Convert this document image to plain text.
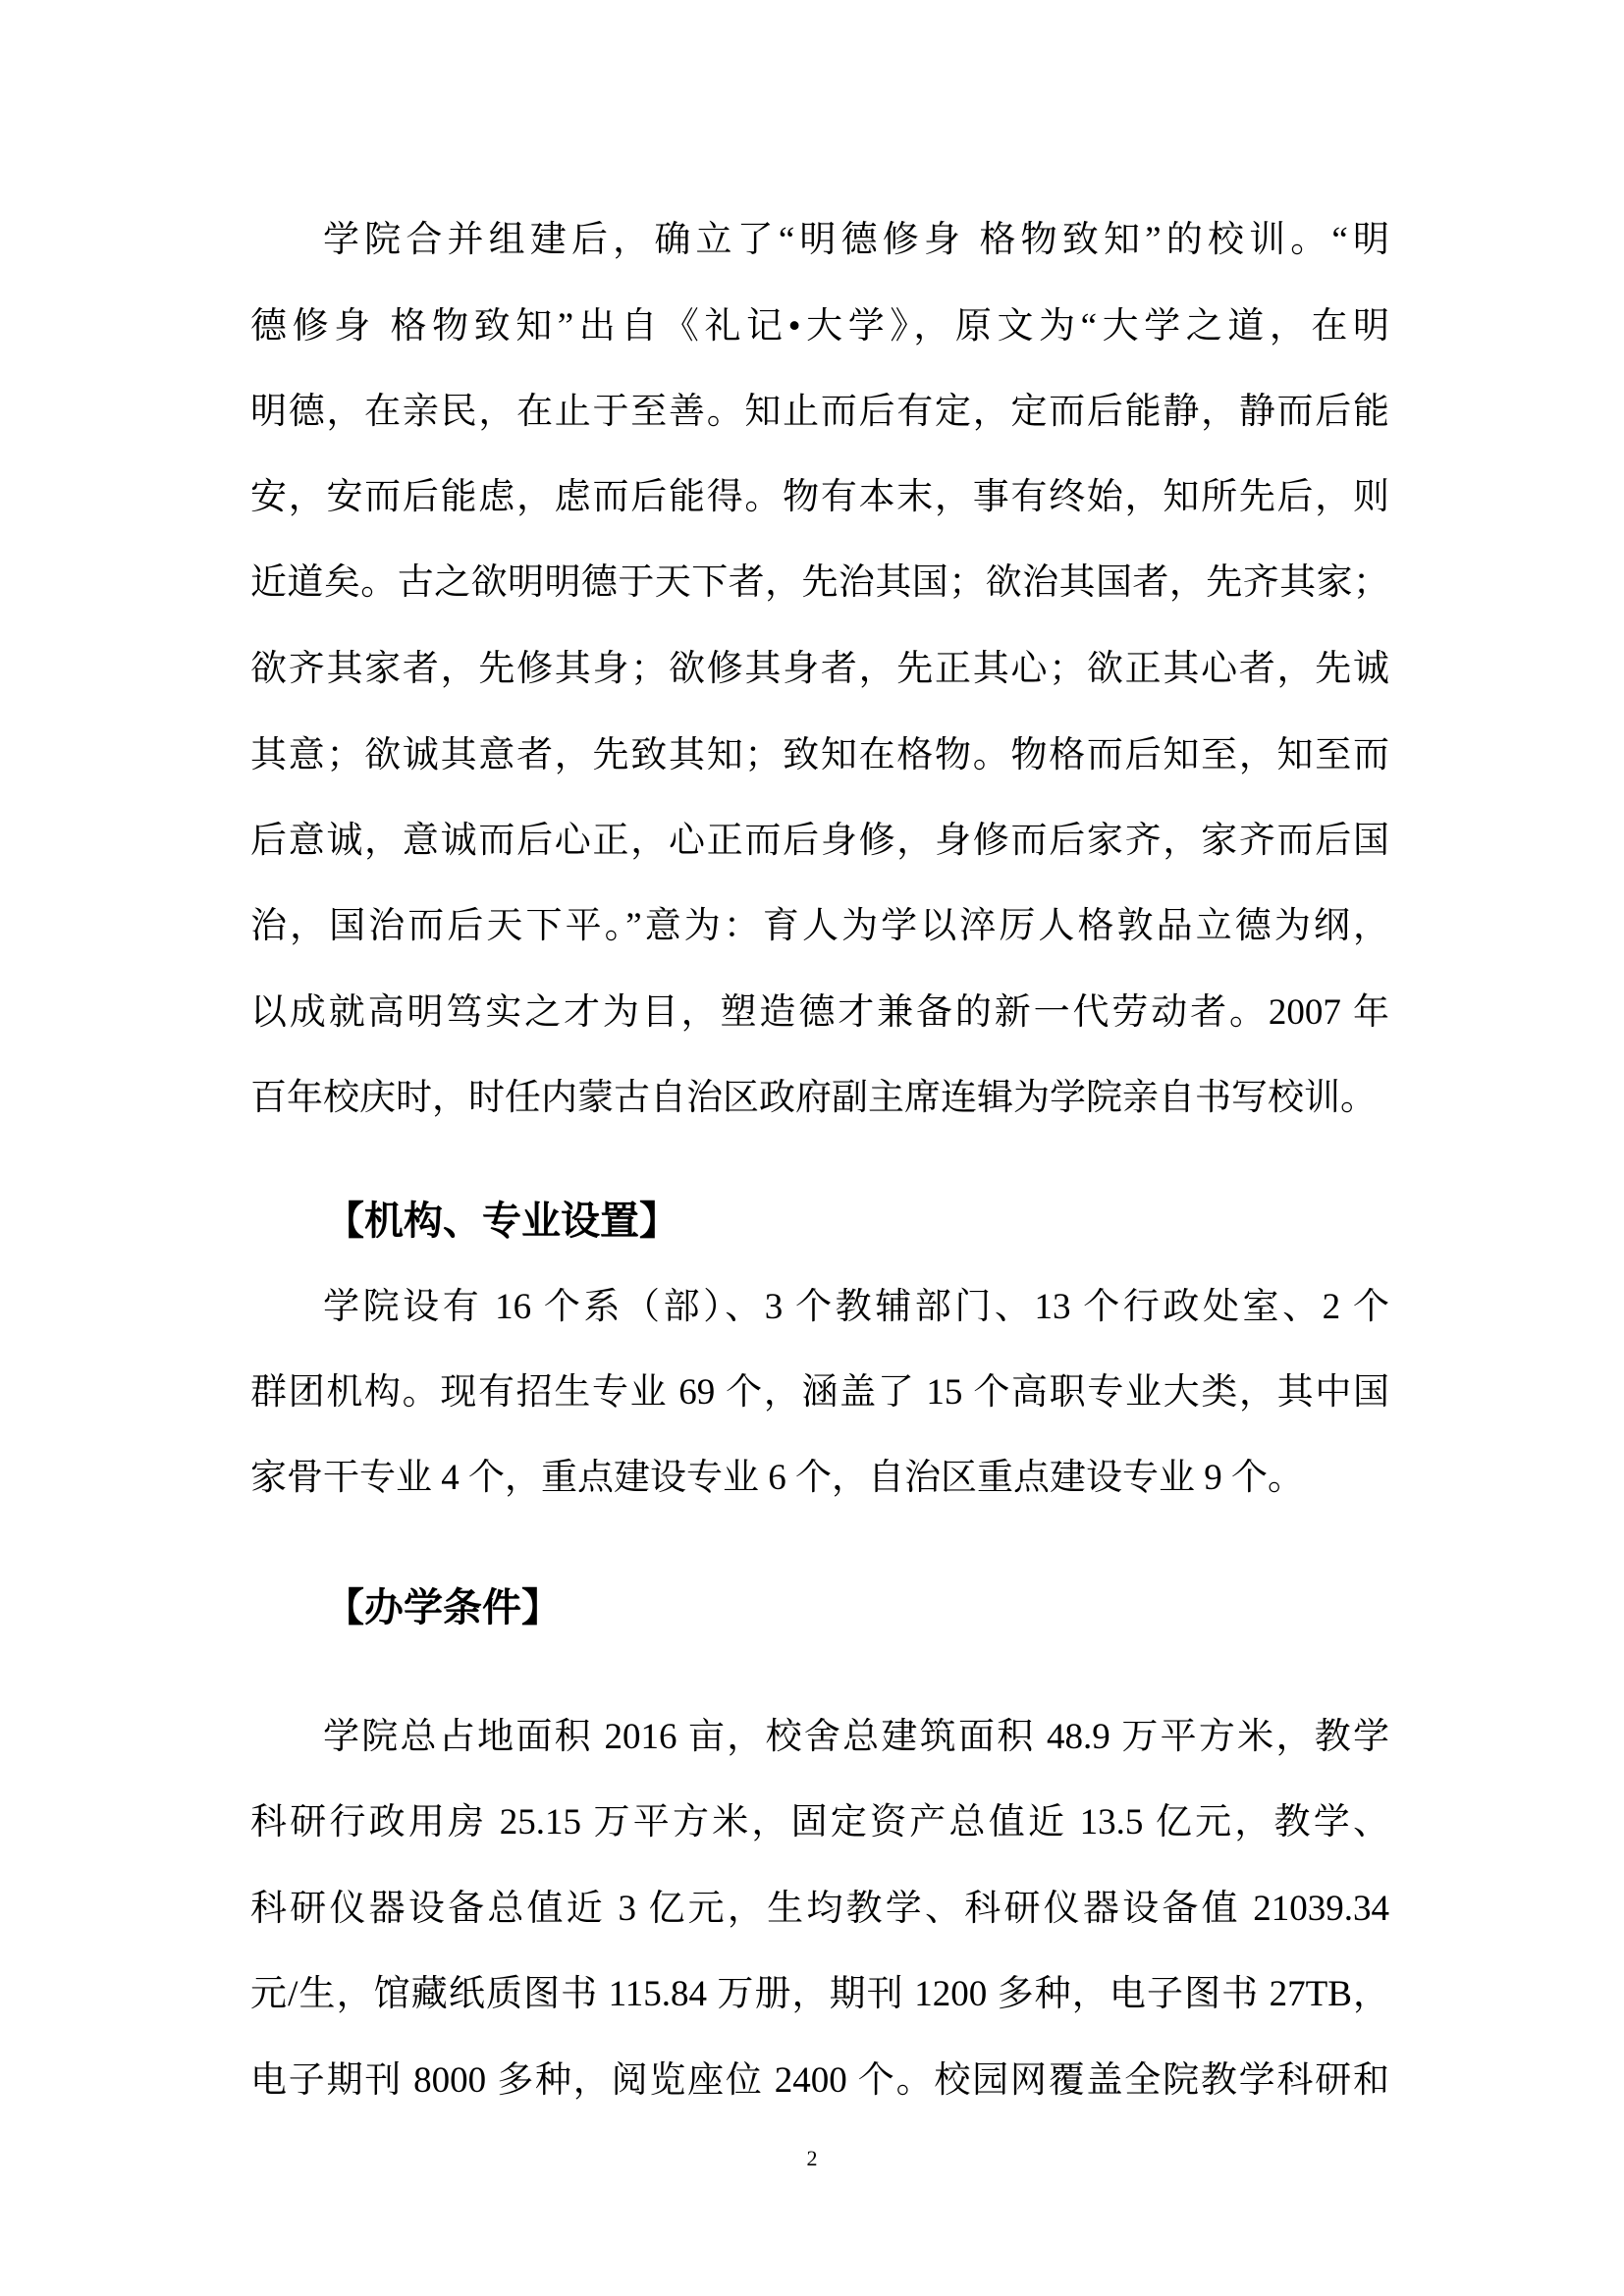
学院合并组建后，确立了“明德修身 格物致知”的校训。“明
德修身 格物致知”出自《礼记•大学》，原文为“大学之道，在明
明德，在亲民，在止于至善。知止而后有定，定而后能静，静而后能
安，安而后能虑，虑而后能得。物有本末，事有终始，知所先后，则
近道矣。古之欲明明德于天下者，先治其国；欲治其国者，先齐其家；
欲齐其家者，先修其身；欲修其身者，先正其心；欲正其心者，先诚
其意；欲诚其意者，先致其知；致知在格物。物格而后知至，知至而
后意诚，意诚而后心正，心正而后身修，身修而后家齐，家齐而后国
治，国治而后天下平。”意为：育人为学以淬厉人格敦品立德为纲，
以成就高明笃实之才为目，塑造德才兼备的新一代劳动者。2007 年
百年校庆时，时任内蒙古自治区政府副主席连辑为学院亲自书写校训。
【机构、专业设置】
学院设有 16 个系（部）、3 个教辅部门、13 个行政处室、2 个
群团机构。现有招生专业 69 个，涵盖了 15 个高职专业大类，其中国
家骨干专业 4 个，重点建设专业 6 个，自治区重点建设专业 9 个。
【办学条件】
学院总占地面积 2016 亩，校舍总建筑面积 48.9 万平方米，教学
科研行政用房 25.15 万平方米，固定资产总值近 13.5 亿元，教学、
科研仪器设备总值近 3 亿元，生均教学、科研仪器设备值 21039.34
元/生，馆藏纸质图书 115.84 万册，期刊 1200 多种，电子图书 27TB，
电子期刊 8000 多种，阅览座位 2400 个。校园网覆盖全院教学科研和
2
